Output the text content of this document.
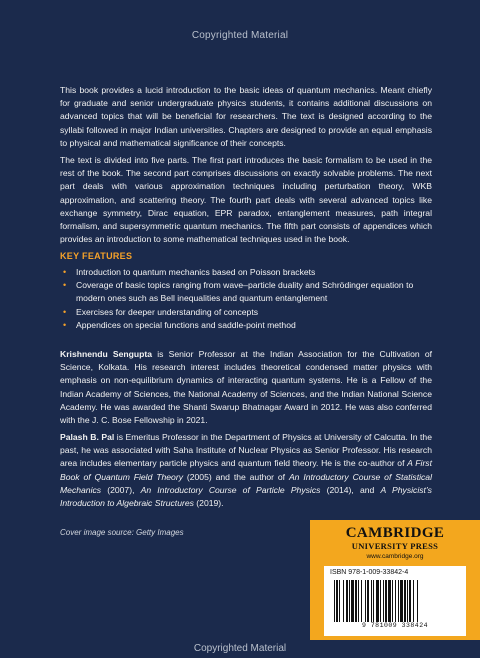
Copyrighted Material

This book provides a lucid introduction to the basic ideas of quantum mechanics. Meant chiefly for graduate and senior undergraduate physics students, it contains additional discussions on advanced topics that will be beneficial for researchers. The text is designed according to the syllabi followed in major Indian universities. Chapters are designed to provide an equal emphasis to physical and mathematical significance of their concepts.

The text is divided into five parts. The first part introduces the basic formalism to be used in the rest of the book. The second part comprises discussions on exactly solvable problems. The next part deals with various approximation techniques including perturbation theory, WKB approximation, and scattering theory. The fourth part deals with several advanced topics like exchange symmetry, Dirac equation, EPR paradox, entanglement measures, path integral formalism, and supersymmetric quantum mechanics. The fifth part consists of appendices which provides an introduction to some mathematical techniques used in the book.

KEY FEATURES
• Introduction to quantum mechanics based on Poisson brackets
• Coverage of basic topics ranging from wave–particle duality and Schrödinger equation to modern ones such as Bell inequalities and quantum entanglement
• Exercises for deeper understanding of concepts
• Appendices on special functions and saddle-point method

Krishnendu Sengupta is Senior Professor at the Indian Association for the Cultivation of Science, Kolkata. His research interest includes theoretical condensed matter physics with emphasis on non-equilibrium dynamics of interacting quantum systems. He is a Fellow of the Indian Academy of Sciences, the National Academy of Sciences, and the Indian National Science Academy. He was awarded the Shanti Swarup Bhatnagar Award in 2012. He was also conferred with the J. C. Bose Fellowship in 2021.

Palash B. Pal is Emeritus Professor in the Department of Physics at University of Calcutta. In the past, he was associated with Saha Institute of Nuclear Physics as Senior Professor. His research area includes elementary particle physics and quantum field theory. He is the co-author of A First Book of Quantum Field Theory (2005) and the author of An Introductory Course of Statistical Mechanics (2007), An Introductory Course of Particle Physics (2014), and A Physicist’s Introduction to Algebraic Structures (2019).

Cover image source: Getty Images	CAMBRIDGE
UNIVERSITY PRESS
www.cambridge.org
ISBN 978-1-009-33842-4
9 781009 338424
Copyrighted Material
